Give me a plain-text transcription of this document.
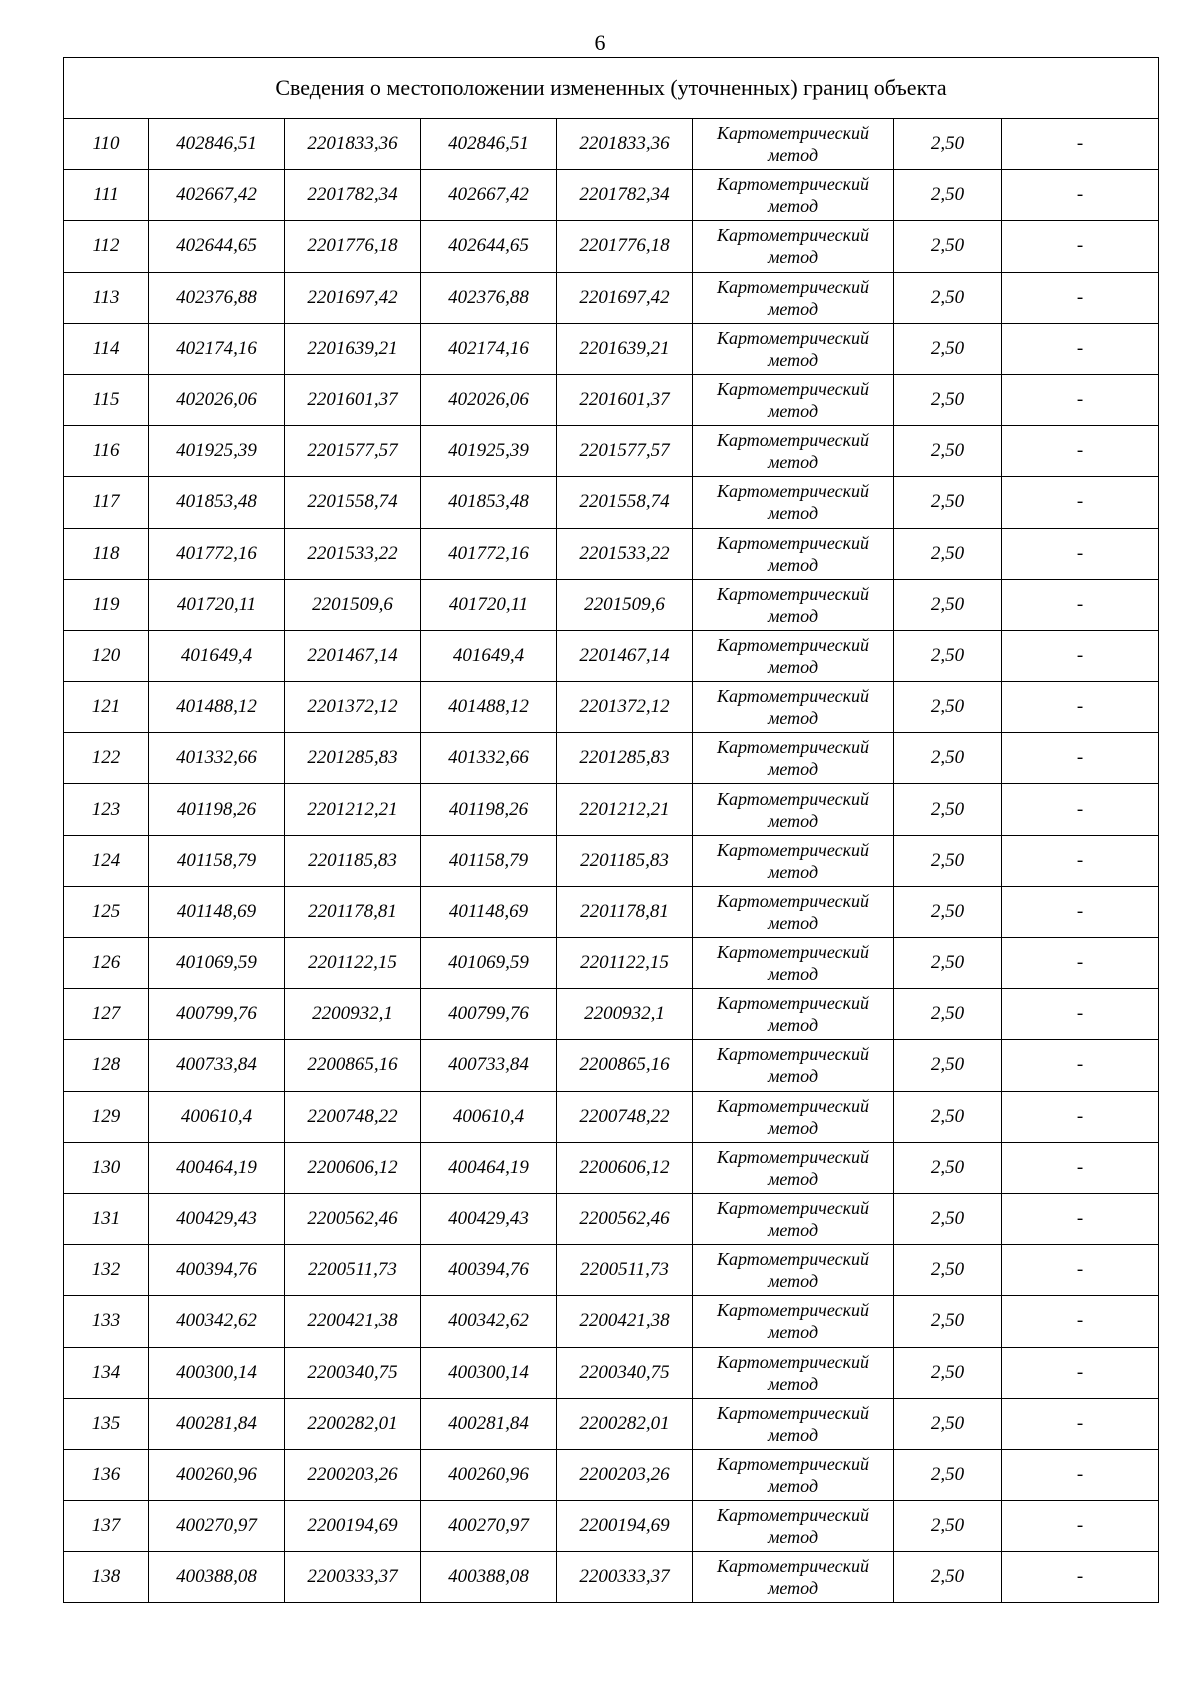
6
Сведения о местоположении измененных (уточненных) границ объекта							
110	402846,51	2201833,36	402846,51	2201833,36	Картометрический
метод	2,50	-
111	402667,42	2201782,34	402667,42	2201782,34	Картометрический
метод	2,50	-
112	402644,65	2201776,18	402644,65	2201776,18	Картометрический
метод	2,50	-
113	402376,88	2201697,42	402376,88	2201697,42	Картометрический
метод	2,50	-
114	402174,16	2201639,21	402174,16	2201639,21	Картометрический
метод	2,50	-
115	402026,06	2201601,37	402026,06	2201601,37	Картометрический
метод	2,50	-
116	401925,39	2201577,57	401925,39	2201577,57	Картометрический
метод	2,50	-
117	401853,48	2201558,74	401853,48	2201558,74	Картометрический
метод	2,50	-
118	401772,16	2201533,22	401772,16	2201533,22	Картометрический
метод	2,50	-
119	401720,11	2201509,6	401720,11	2201509,6	Картометрический
метод	2,50	-
120	401649,4	2201467,14	401649,4	2201467,14	Картометрический
метод	2,50	-
121	401488,12	2201372,12	401488,12	2201372,12	Картометрический
метод	2,50	-
122	401332,66	2201285,83	401332,66	2201285,83	Картометрический
метод	2,50	-
123	401198,26	2201212,21	401198,26	2201212,21	Картометрический
метод	2,50	-
124	401158,79	2201185,83	401158,79	2201185,83	Картометрический
метод	2,50	-
125	401148,69	2201178,81	401148,69	2201178,81	Картометрический
метод	2,50	-
126	401069,59	2201122,15	401069,59	2201122,15	Картометрический
метод	2,50	-
127	400799,76	2200932,1	400799,76	2200932,1	Картометрический
метод	2,50	-
128	400733,84	2200865,16	400733,84	2200865,16	Картометрический
метод	2,50	-
129	400610,4	2200748,22	400610,4	2200748,22	Картометрический
метод	2,50	-
130	400464,19	2200606,12	400464,19	2200606,12	Картометрический
метод	2,50	-
131	400429,43	2200562,46	400429,43	2200562,46	Картометрический
метод	2,50	-
132	400394,76	2200511,73	400394,76	2200511,73	Картометрический
метод	2,50	-
133	400342,62	2200421,38	400342,62	2200421,38	Картометрический
метод	2,50	-
134	400300,14	2200340,75	400300,14	2200340,75	Картометрический
метод	2,50	-
135	400281,84	2200282,01	400281,84	2200282,01	Картометрический
метод	2,50	-
136	400260,96	2200203,26	400260,96	2200203,26	Картометрический
метод	2,50	-
137	400270,97	2200194,69	400270,97	2200194,69	Картометрический
метод	2,50	-
138	400388,08	2200333,37	400388,08	2200333,37	Картометрический
метод	2,50	-
